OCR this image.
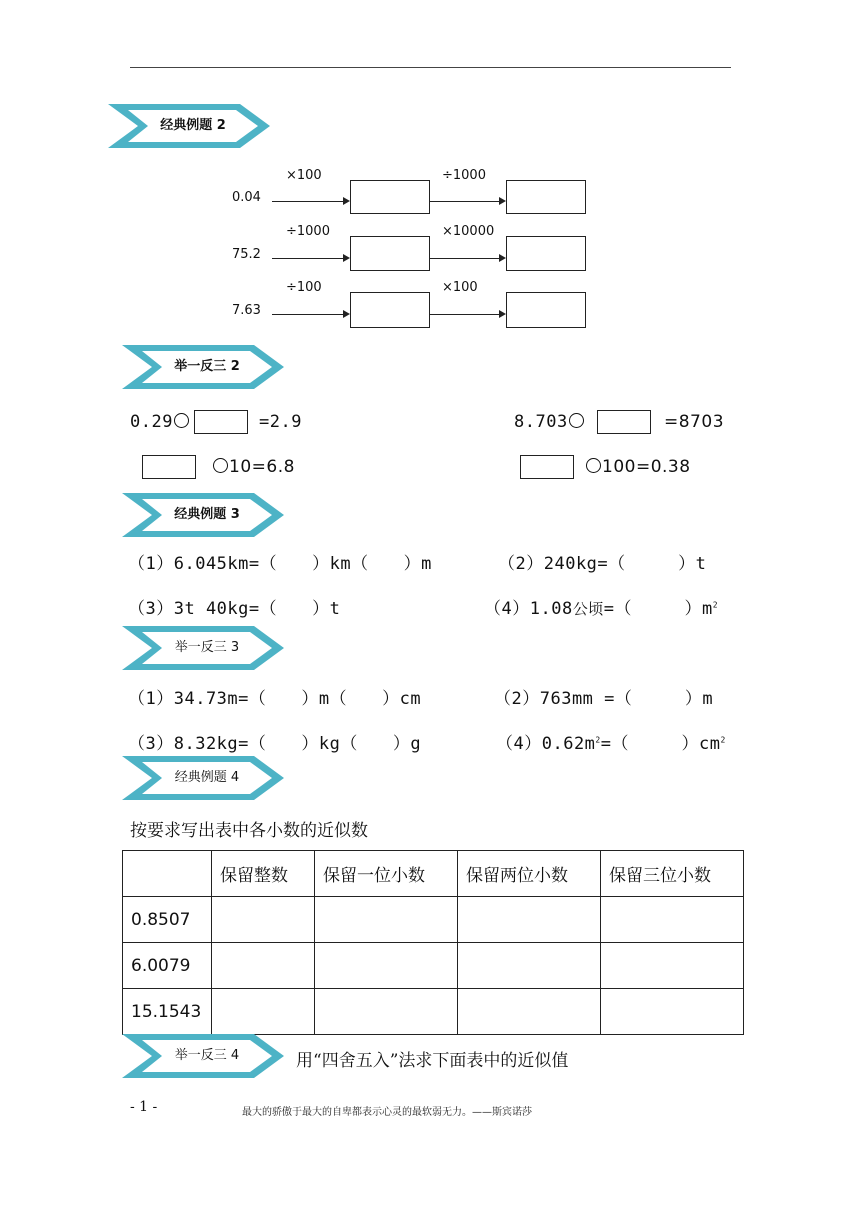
经典例题 2
×100	÷1000
0.04
÷1000	×10000
75.2
÷100	×100
7.63
举一反三 2
0.29	=2.9	8.703	=8703
10=6.8	100=0.38
经典例题 3
（1）6.045km=（　　）km（　　）m	（2）240kg=（　　　）t
（3）3t 40kg=（　　）t	（4）1.08公顷=（　　　）$m^2$
举一反三 3
（1）34.73m=（　　）m（　　）cm	（2）763mm =（　　　）m
（3）8.32kg=（　　）kg（　　）g	$(4)0.62m^2=$（　　　）$cm^2$
经典例题 4
按要求写出表中各小数的近似数
	保留整数	保留一位小数	保留两位小数	保留三位小数
0.8507				
6.0079				
15.1543				
举一反三 4	用“四舍五入”法求下面表中的近似值
- 1 -	最大的骄傲于最大的自卑都表示心灵的最软弱无力。——斯宾诺莎
